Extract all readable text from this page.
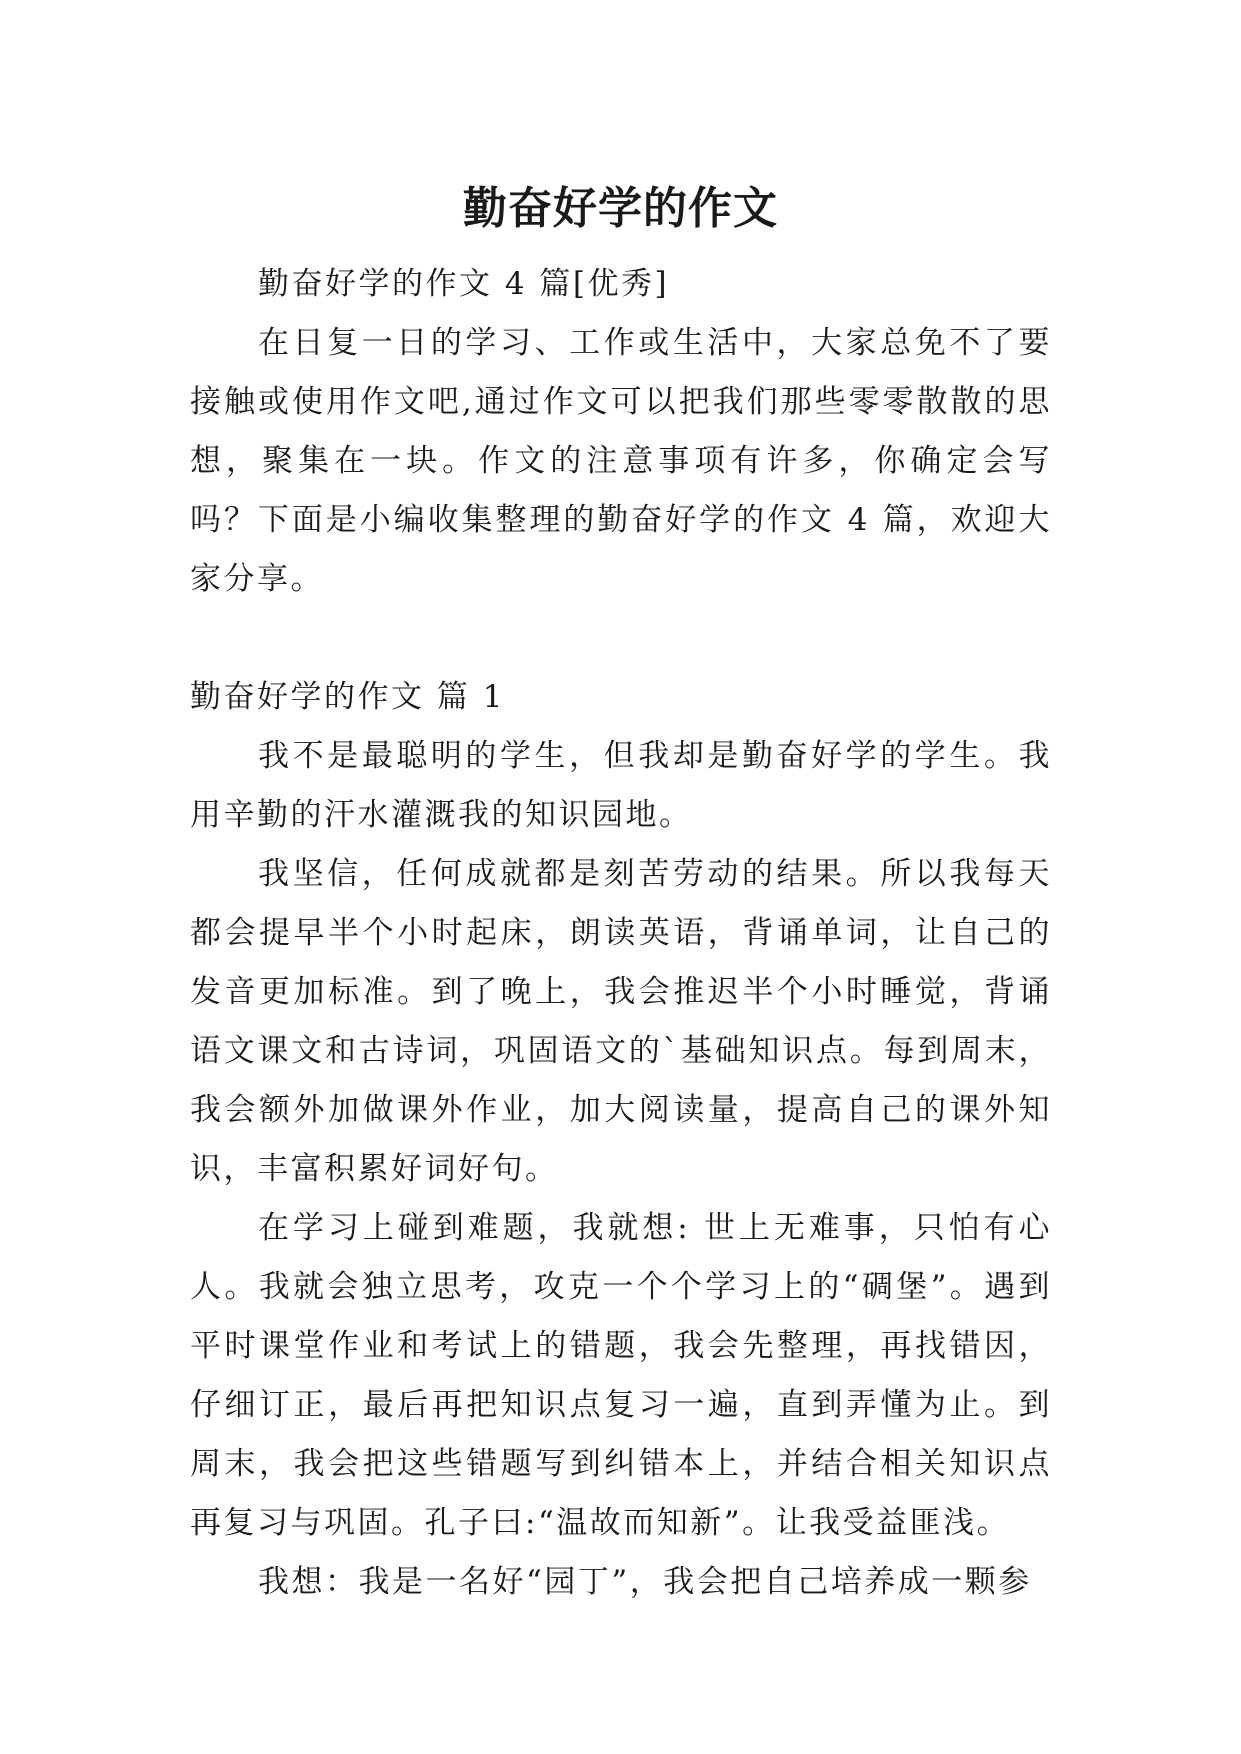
勤奋好学的作文

勤奋好学的作文 4 篇[优秀]

在日复一日的学习、工作或生活中，大家总免不了要接触或使用作文吧,通过作文可以把我们那些零零散散的思想，聚集在一块。作文的注意事项有许多，你确定会写吗？下面是小编收集整理的勤奋好学的作文 4 篇，欢迎大家分享。

勤奋好学的作文 篇 1

我不是最聪明的学生，但我却是勤奋好学的学生。我用辛勤的汗水灌溉我的知识园地。

我坚信，任何成就都是刻苦劳动的结果。所以我每天都会提早半个小时起床，朗读英语，背诵单词，让自己的发音更加标准。到了晚上，我会推迟半个小时睡觉，背诵语文课文和古诗词，巩固语文的`基础知识点。每到周末，我会额外加做课外作业，加大阅读量，提高自己的课外知识，丰富积累好词好句。

在学习上碰到难题，我就想: 世上无难事，只怕有心人。我就会独立思考，攻克一个个学习上的“碉堡”。遇到平时课堂作业和考试上的错题，我会先整理，再找错因，仔细订正，最后再把知识点复习一遍，直到弄懂为止。到周末，我会把这些错题写到纠错本上，并结合相关知识点再复习与巩固。孔子曰:“温故而知新”。让我受益匪浅。

我想：我是一名好“园丁”，我会把自己培养成一颗参
